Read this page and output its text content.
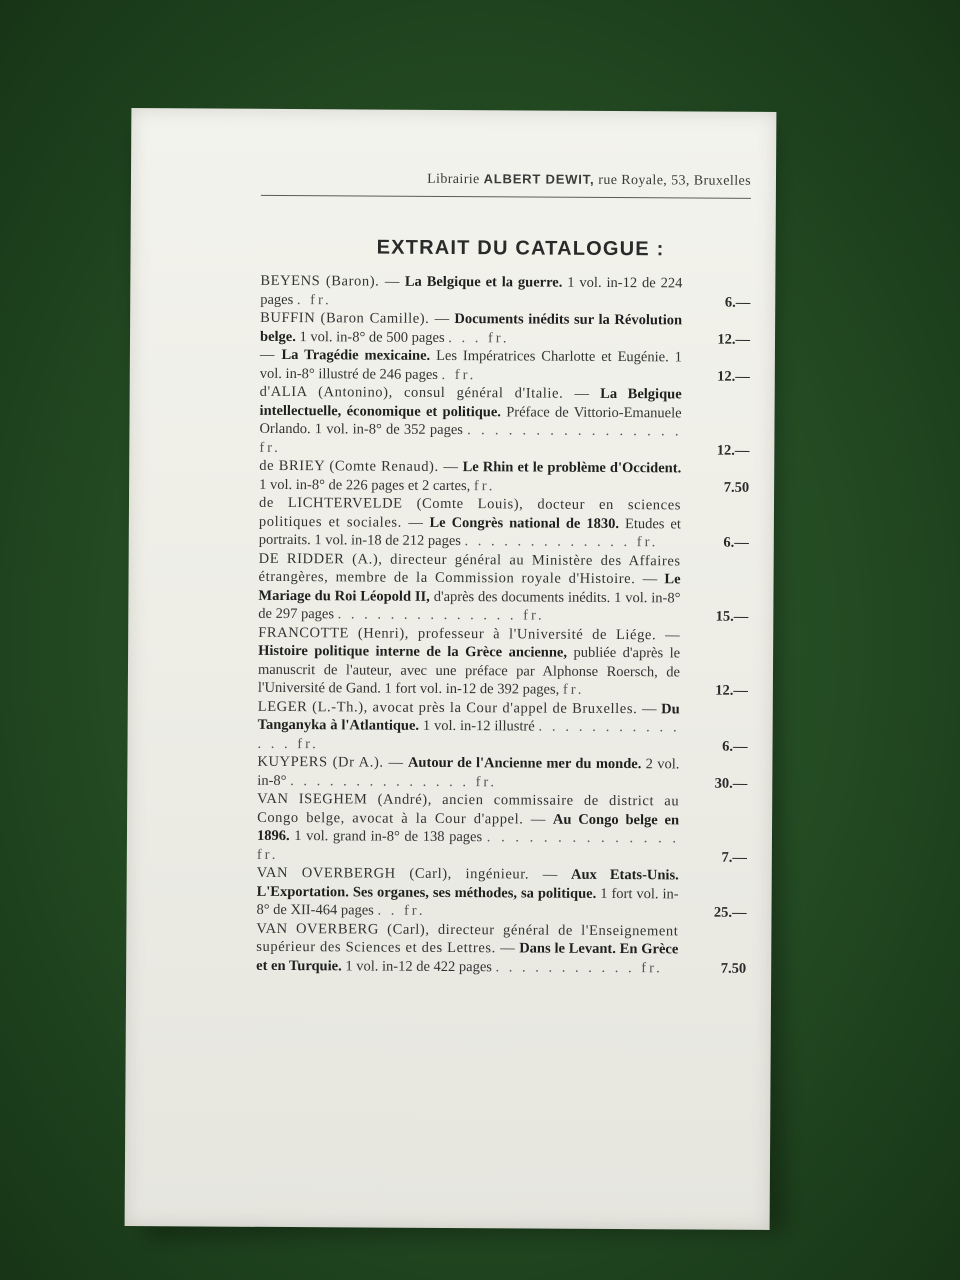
Librairie ALBERT DEWIT, rue Royale, 53, Bruxelles
EXTRAIT DU CATALOGUE :
BEYENS (Baron). — La Belgique et la guerre. 1 vol. in-12 de 224 pages . fr.	6.—
BUFFIN (Baron Camille). — Documents inédits sur la Révolution belge. 1 vol. in-8° de 500 pages . . . fr.	12.—
— La Tragédie mexicaine. Les Impératrices Charlotte et Eugénie. 1 vol. in-8° illustré de 246 pages . fr.	12.—
d'ALIA (Antonino), consul général d'Italie. — La Belgique intellectuelle, économique et politique. Préface de Vittorio-Emanuele Orlando. 1 vol. in-8° de 352 pages . . . . . . . . . . . . . . . . fr.	12.—
de BRIEY (Comte Renaud). — Le Rhin et le problème d'Occident. 1 vol. in-8° de 226 pages et 2 cartes, fr.	7.50
de LICHTERVELDE (Comte Louis), docteur en sciences politiques et sociales. — Le Congrès national de 1830. Etudes et portraits. 1 vol. in-18 de 212 pages . . . . . . . . . . . . . fr.	6.—
DE RIDDER (A.), directeur général au Ministère des Affaires étrangères, membre de la Commission royale d'Histoire. — Le Mariage du Roi Léopold II, d'après des documents inédits. 1 vol. in-8° de 297 pages . . . . . . . . . . . . . . fr.	15.—
FRANCOTTE (Henri), professeur à l'Université de Liége. — Histoire politique interne de la Grèce ancienne, publiée d'après le manuscrit de l'auteur, avec une préface par Alphonse Roersch, de l'Université de Gand. 1 fort vol. in-12 de 392 pages, fr.	12.—
LEGER (L.-Th.), avocat près la Cour d'appel de Bruxelles. — Du Tanganyka à l'Atlantique. 1 vol. in-12 illustré . . . . . . . . . . . . . . fr.	6.—
KUYPERS (Dr A.). — Autour de l'Ancienne mer du monde. 2 vol. in-8° . . . . . . . . . . . . . . fr.	30.—
VAN ISEGHEM (André), ancien commissaire de district au Congo belge, avocat à la Cour d'appel. — Au Congo belge en 1896. 1 vol. grand in-8° de 138 pages . . . . . . . . . . . . . . fr.	7.—
VAN OVERBERGH (Carl), ingénieur. — Aux Etats-Unis. L'Exportation. Ses organes, ses méthodes, sa politique. 1 fort vol. in-8° de XII-464 pages . . fr.	25.—
VAN OVERBERG (Carl), directeur général de l'Enseignement supérieur des Sciences et des Lettres. — Dans le Levant. En Grèce et en Turquie. 1 vol. in-12 de 422 pages . . . . . . . . . . . fr.	7.50
